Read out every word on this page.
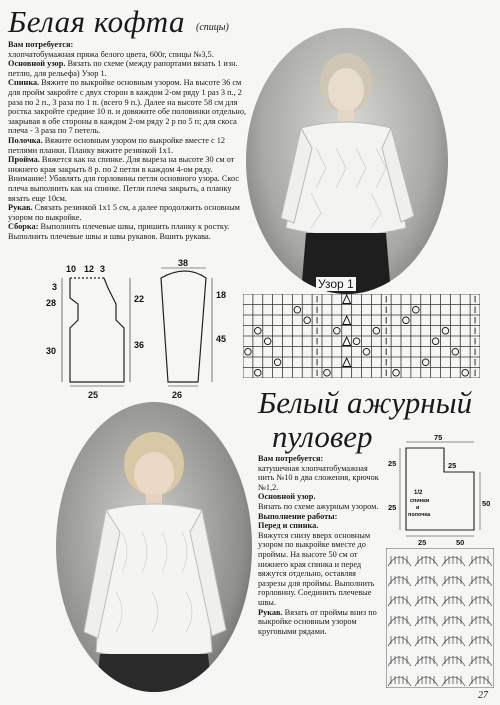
Белая кофта (спицы)
Вам потребуется:
хлопчатобумажная пряжа белого цвета, 600г, спицы №3,5.
Основной узор. Вязать по схеме (между рапортами вязать 1 изн. петлю, для рельефа) Узор 1.
Спинка. Вяжите по выкройке основным узором. На высоте 36 см для пройм закройте с двух сторон в каждом 2-ом ряду 1 раз 3 п., 2 раза по 2 п., 3 раза по 1 п. (всего 9 п.). Далее на высоте 58 см для ростка закройте средние 10 п. и довяжите обе половинки отдельно, закрывая в обе стороны в каждом 2-ом ряду 2 р по 5 п; для скоса плеча - 3 раза по 7 петель.
Полочка. Вяжите основным узором по выкройке вместе с 12 петлями планки. Планку вяжите резинкой 1х1.
Пройма. Вяжется как на спинке. Для выреза на высоте 30 см от нижнего края закрыть 8 р. по 2 петли в каждом 4-ом ряду. Внимание! Убавлять для горловины петли основного узора. Скос плеча выполнить как на спинке. Петли плеча закрыть, а планку вязать еще 10см.
Рукав. Связать резинкой 1х1 5 см, а далее продолжить основным узором по выкройке.
Сборка: Выполнить плечевые швы, пришить планку к ростку. Выполнить плечевые швы и швы рукавов. Вшить рукава.
Узор 1
10 12 3
3
28
30
22
36
38
18
45
25	26 Белый ажурный
пуловер
Вам потребуется:
катушечная хлопчатобумажная нить №10 в два сложения, крючок №1,2.
Основной узор.
Вязать по схеме ажурным узором.
Выполнение работы:
Перед и спинка.
Вяжутся снизу вверх основным узором по выкройке вместе до проймы. На высоте 50 см от нижнего края спинка и перед вяжутся отдельно, оставляя разрезы для проймы. Выполнить горловину. Соединить плечевые швы.
Рукав. Вязать от проймы вниз по выкройке основным узором круговыми рядами.
75
25
25
25
50
1/2
спинки
и
полочка
25	50
27
